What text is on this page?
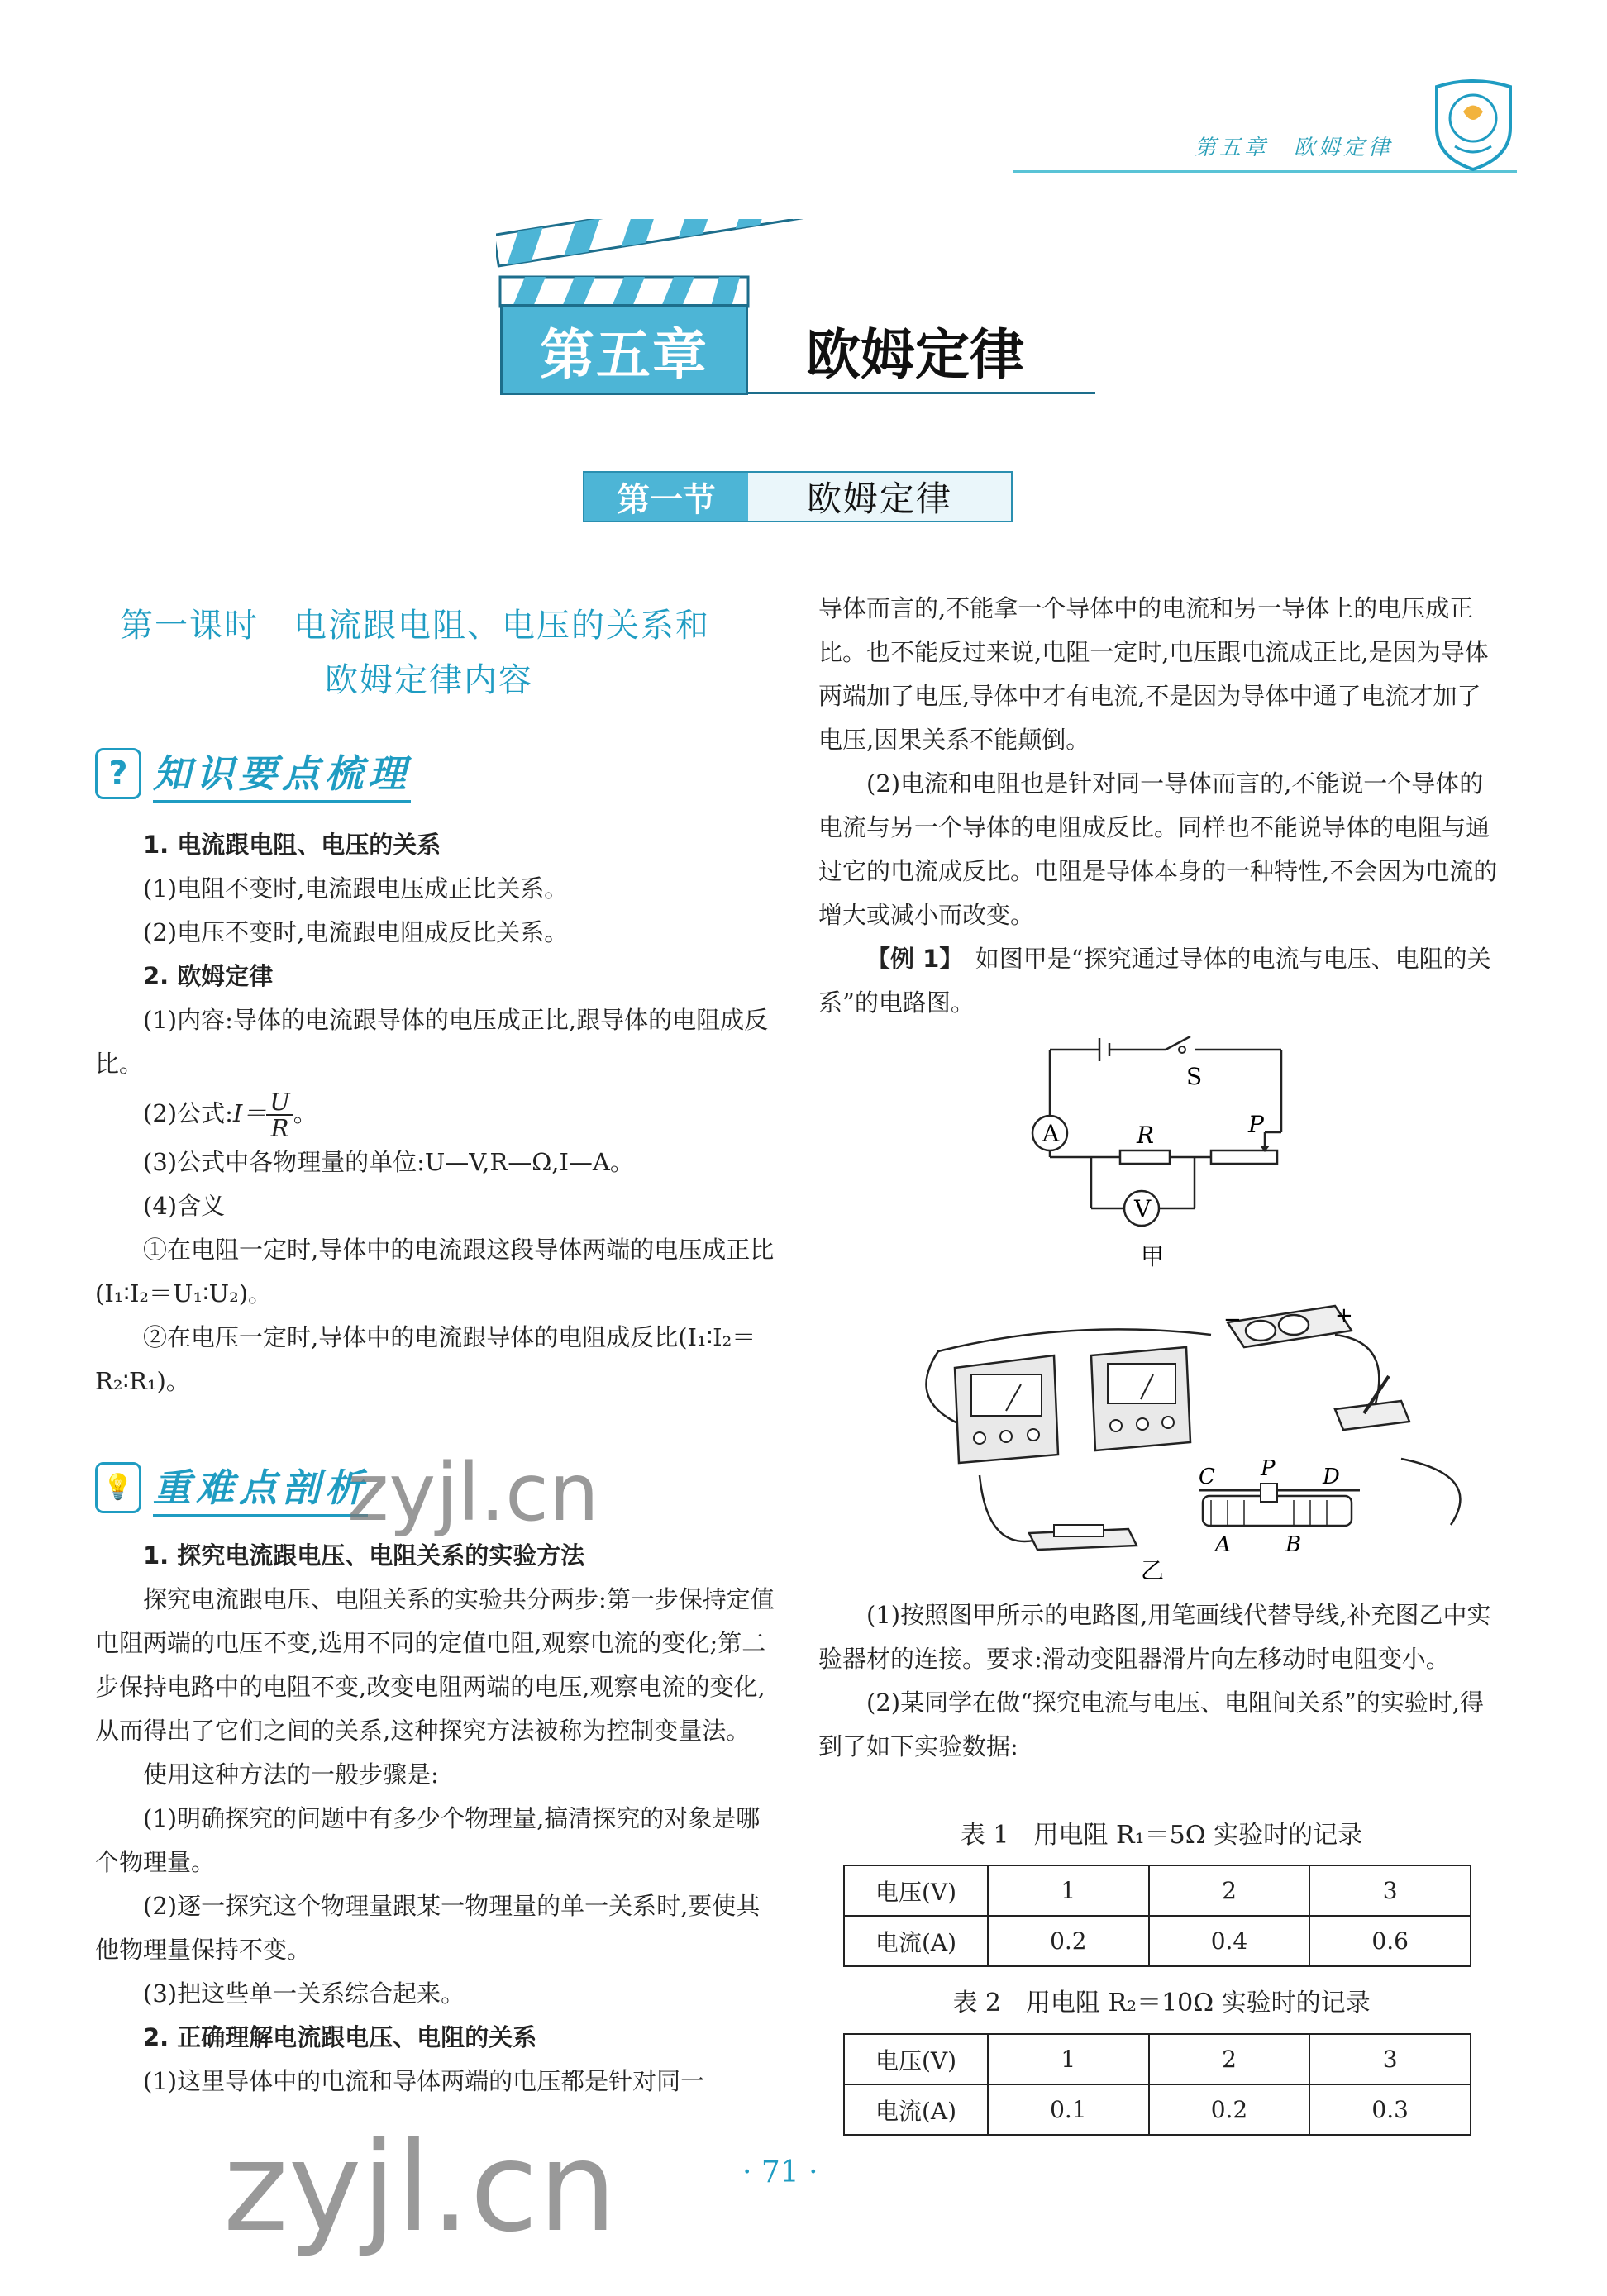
第五章　欧姆定律
第五章	欧姆定律
第一节	欧姆定律
第一课时　电流跟电阻、电压的关系和
欧姆定律内容
? 知识要点梳理

1. 电流跟电阻、电压的关系

(1)电阻不变时,电流跟电压成正比关系。

(2)电压不变时,电流跟电阻成反比关系。

2. 欧姆定律

(1)内容:导体的电流跟导体的电压成正比,跟导体的电阻成反比。

(2)公式:I＝ $\frac{U}{R}$ 。

(3)公式中各物理量的单位:U—V,R—Ω,I—A。

(4)含义

①在电阻一定时,导体中的电流跟这段导体两端的电压成正比(I₁∶I₂＝U₁∶U₂)。

②在电压一定时,导体中的电流跟导体的电阻成反比(I₁∶I₂＝R₂∶R₁)。

💡 重难点剖析

1. 探究电流跟电压、电阻关系的实验方法

探究电流跟电压、电阻关系的实验共分两步:第一步保持定值电阻两端的电压不变,选用不同的定值电阻,观察电流的变化;第二步保持电路中的电阻不变,改变电阻两端的电压,观察电流的变化,从而得出了它们之间的关系,这种探究方法被称为控制变量法。

使用这种方法的一般步骤是:

(1)明确探究的问题中有多少个物理量,搞清探究的对象是哪个物理量。

(2)逐一探究这个物理量跟某一物理量的单一关系时,要使其他物理量保持不变。

(3)把这些单一关系综合起来。

2. 正确理解电流跟电压、电阻的关系

(1)这里导体中的电流和导体两端的电压都是针对同一

导体而言的,不能拿一个导体中的电流和另一导体上的电压成正比。也不能反过来说,电阻一定时,电压跟电流成正比,是因为导体两端加了电压,导体中才有电流,不是因为导体中通了电流才加了电压,因果关系不能颠倒。

(2)电流和电阻也是针对同一导体而言的,不能说一个导体的电流与另一个导体的电阻成反比。同样也不能说导体的电阻与通过它的电流成反比。电阻是导体本身的一种特性,不会因为电流的增大或减小而改变。

【例 1】　 如图甲是“探究通过导体的电流与电压、电阻的关系”的电路图。

S
A	R	P
V
甲
−	+
C P D
A	B
乙

(1)按照图甲所示的电路图,用笔画线代替导线,补充图乙中实验器材的连接。要求:滑动变阻器滑片向左移动时电阻变小。

(2)某同学在做“探究电流与电压、电阻间关系”的实验时,得到了如下实验数据:

表 1　用电阻 R₁＝5Ω 实验时的记录
电压(V)	1	2	3
电流(A)	0.2	0.4	0.6
表 2　用电阻 R₂＝10Ω 实验时的记录
电压(V)	1	2	3
电流(A)	0.1	0.2	0.3
zyjl.cn
zyjl.cn	· 71 ·
